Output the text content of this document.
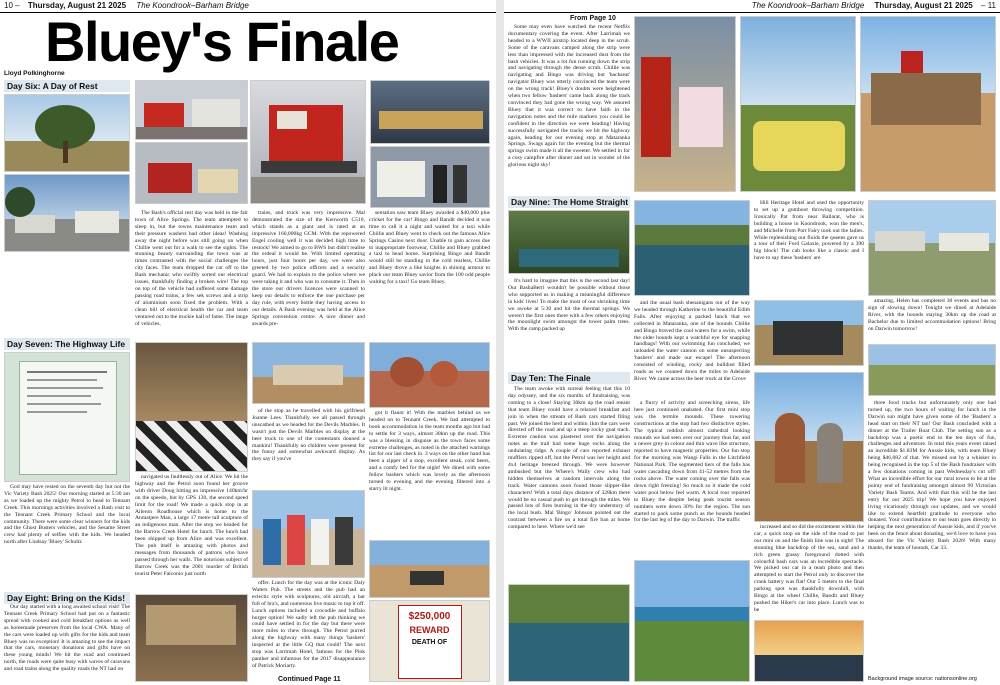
10 – Thursday, August 21 2025 The Koondrook–Barham Bridge
Bluey's Finale
Lloyd Polkinghorne
Day Six: A Day of Rest

The Bash's official rest day was held in the fair town of Alice Springs. The team attempted to sleep in, but the towns maintenance team and their pressure washers had other ideas! Washing away the night before was still going on when Chillie went out for a walk to see the sights. The stunning beauty surrounding the town was at times contrasted with the social challenges the city faces. The team dropped the car off to the Bash mechanic who swiftly sorted our electrical issues, thankfully finding a broken wire! The top on top of the vehicle had suffered some damage passing road trains, a few sek screws and a strip of aluminium soon fixed the problem. With a clean bill of electrical health the car and team ventured out to the truckie hall of fame. The range of vehicles,

trains, and truck was very impressive. Mal demonstrated the size of the Kenworth C510, which stands as a giant and is rated at an impressive 160,000kg GCM. With the repowered Engel cooling well it was decided high time to restock! We aimed to go to BWS but didn't realise the ordeal it would be. With limited operating hours, just four hours per day, we were also greeted by two police officers and a security guard. We had to explain to the police where we were taking it and who was to consume it. Then in the store our drivers licences were scanned to keep our details to enforce the one purchase per day rule, with every bottle they having access to our details. A Bash evening was held at the Alice Springs convention centre. A nice dinner and awards pre-

sentation saw team Bluey awarded a $40,000 plus cricket for the car! Bingo and Bandit decided it was time to call it a night and waited for a taxi while Chillie and Bluey went to check out the famous Alice Springs Casino next door. Unable to gain access due to inappropriate footwear, Chillie and Bluey grabbed a taxi to head home. Surprising Bingo and Bandit would still be standing in the cold tearless, Chillie and Bluey drove a like knights in shining armour to pluck our team Bluey savior from the 100 odd people waiting for a taxi! Go team Bluey.

Day Seven: The Highway Life

of the stop as he travelled with his girlfriend Joanne Lees. Thankfully we all passed through unscathed as we headed for the Devils Marbles. It wasn't just the Devils Marbles on display at the beer truck to one of the contestants donned a mankini! Thankfully no children were present for the funny and somewhat awkward display. As they say if you've

got it flaunt it! With the marbles behind us we headed on to Tennant Creek. We had attempted to book accommodation in the team months ago but had to settle for 3 ways, almost 30km up the road. This was a blessing in disguise as the town faces some extreme challenges, as noted in the attached warnings list for our last check in. 3 ways on the other hand has been a zipper of a stop, excellent steak, cold beers, and a comfy bed for the night! We dined with some fellow bashers which was lovely as the afternoon turned to evening and the evening filtered into a starry lit night.

God may have rested on the seventh day but not the Vic Variety Bash 2025! Our morning started at 5:30 am as we loaded up the mighty Petrol to head to Tennant Creek. This mornings activities involved a Bash visit to the Tennant Creek Primary School and the local community. There were some clear winners for the kids and the Ghost Busters vehicles, and the Sesame Street crew had plenty of selfies with the kids. We headed north after Lindsay 'Bluey' Schultz

navigated us faultlessly out of Alice. We hit the highway and the Petrol soon found her groove with driver Doug hitting an impressive 140km/hr on the speedo, but by GPS 130, the second speed limit for the road! We made a quick stop in at Aileron Roadhouse which is home to the Anmatjere Man, a large 17 metre tall sculpture of an indigenous man. After the stop we headed for the Barrow Creek Hotel for lunch. The lunch had been shipped up from Alice and was excellent. The pub itself is amazing with photos and messages from thousands of patrons who have passed through her walls. The notorious subject of Barrow Creek was the 2001 murder of British tourist Peter Falconio just north

Day Eight: Bring on the Kids!

Our day started with a long awaited school visit! The Tennant Creek Primary School had put on a fantastic spread with cooked and cold breakfast options as well as homemade preserves from the local CWA. Many of the cars were loaded up with gifts for the kids and team Bluey was no exception! It is amazing to see the impact that the cars, monetary donations and gifts have on these young minds! We hit the road and continued north, the roads were quite busy with waves of caravans and road trains along the quality roads the NT had on

offer. Lunch for the day was at the iconic Daly Waters Pub. The streets and the pub had an eclectic style with sculptures, old aircraft, a bar full of bra's, and numerous live music to top it off. Lunch options included a crocodile and buffalo burger option! We sadly left the pub thinking we could have settled in for the day but there were more miles to chew through. The Petrol purred along the highway with many things 'bashers' inspected at the little GQ that could! The next stop was Larrimah Hotel, famous for the Pink panther and infamous for the 2017 disappearance of Patrick Moriarty.

Continued Page 11
$250,000
REWARD
DEATH OF
The Koondrook–Barham Bridge Thursday, August 21 2025 – 11
From Page 10

Some may even have watched the recent Netflix documentary covering the event. After Larrimah we headed to a WWII airstrip located deep in the scrub. Some of the caravans camped along the strip were less than impressed with the increased dust from the bash vehicles. It was a lot fun running down the strip and navigating through the dense scrub. Chillie was navigating and Bingo was driving but 'backseat' navigator Bluey was utterly convinced the team were on the wrong track! Bluey's doubts were heightened when two fellow 'bashers' came back along the track convinced they had gone the wrong way. We assured Bluey that it was correct to have faith in the navigation notes and the mile markers you could be confident in the direction we were heading! Having successfully navigated the tracks we hit the highway again, heading for our evening stop at Mataranka Springs. Swags again for the evening but the thermal springs swim made it all the sweeter. We settled in for a cosy campfire after dinner and sat in wonder of the glorious night sky!

Day Nine: The Home Straight	Hill Heritage Hotel and used the opportunity to set up a gumboot throwing competition. Ironically Pat from near Ballarat, who is building a house in Koondrook, won the men's, and Michelle from Port Fairy took out the ladies. While replenishing our fluids the queens gave us a tour of their Ford Galaxie, powered by a 390 big block! The cab looks like a classic and I have to say these 'bashers' are

It's hard to imagine that this is the second last day! Our BashaBerri wouldn't be possible without those who supported us in making a meaningful difference in kids' lives! To make the most of our shrinking time we awoke at 5:30 and hit the thermal springs. We weren't the first ones there with a few others enjoying the moonlight swim amongst the tower palm trees. With the camp packed up

and the usual bash shenanigans out of the way we headed through Katherine to the beautiful Edith Falls. After enjoying a packed lunch that we collected in Mataranka, one of the hounds Chillie and Bingo braved the cool waters for a swim, while the older hounds kept a watchful eye for snapping handbags! With our swimming fun concluded, we unloaded the water cannon on some unsuspecting 'bashers' and made our escape! The afternoon consisted of winding, rocky and bulldust filled roads as we counted down the miles to Adelaide River. We came across the beer truck at the Grove

amazing, Helen has completed 30 events and has no sign of slowing down! Tonight we dined at Adelaide River, with the hounds staying 30km up the road at Bachelor due to limited accommodation options! Bring on Darwin tomorrow!

Day Ten: The Finale

The team awoke with surreal feeling that this 10 day odyssey, and the six months of fundraising, was coming to a close! Staying 30km up the road meant that team Bluey could have a relaxed breakfast and join in when the stream of Bash cars started filing past. We joined the herd and within 1km the cars were directed off the road and up a steep rocky goat track. Extreme caution was plastered over the navigation notes as the trail had some huge rocks along the undulating ridge. A couple of cars reported exhaust mufflers ripped off, but the Petrol was her height and 4x4 heritage breezed through. We were however ambushed but the Where's Wally crew who had hidden themselves at random intervals along the track. Water cannons soon found those slipper-like characters! With a total days distance of 328km there would be no casual push to get through the miles. We passed lots of fires burning in the dry understory of the local bush. Mal 'Bingo' Johnson pointed out the contrast between a fire on a total fire ban at home compared to here. Where we'd see

a flurry of activity and screeching sirens, life here just continued unabated. Our first mini stop was the termite mounds. These towering constructions at the stop had two distinctive styles. The typical reddish almost cathedral looking mounds we had seen over our journey thus far, and a newer grey in colour and thin wave like structure, reported to have magnetic properties. Our fun stop for the morning was Wangi Falls in the Litchfield National Park. The segmented tiers of the falls has water cascading down from 41-52 metres from the rocks above. The water coming over the falls was down right freezing! So much so it made the cold water pool below feel warm. A local tour reported to Bluey the despite being peak tourist season numbers were down 30% for the region. The sun started to pack some punch as the hounds headed for the last leg of the day to Darwin. The traffic

increased and so did the excitement within the car, a quick stop on the side of the road to put our mini on and the finish line was in sight! The stunning blue backdrop of the sea, sand and a rich green grassy foreground dotted with colourful bash cars was an incredible spectacle. We picked our car in a team photo and then attempted to start the Petrol only to discover the crank battery was flat! Our 5 meters to the final parking spot was thankfully downhill, with Bingo at the wheel Chillie, Bandit and Bluey pushed the Hiker's car into place. Lunch was to be

three food trucks but unfortunately only one had turned up, the two hours of waiting for lunch in the Darwin sun might have given some of the 'Bashers' a head start on their NT tan! Our Bash concluded with a dinner at the Trailer Boat Club. The setting sun as a backdrop was a poetic end to the ten days of fun, challenges and adventure. In total this years event raised an incredible $1.83M for Aussie kids, with team Bluey being $46,082 of that. We missed out by a whisker in being recognised in the top 5 of the Bash fundraiser with a few donations coming in past Wednesday's cut off! What an incredible effort for our rural towns to be at the pointy end of fundraising amongst almost 90 Victorian Variety Bash Teams. And with that this will be the last entry for our 2025 trip! We hope you have enjoyed living vicariously through our updates, and we would like to extend heartfelt gratitude to everyone who donated. Your contributions to our team goes directly in helping the next generation of Aussie kids, and if you've been on the fence about donating, we'd love to have you aboard for the Vic Variety Bash 2026! With many thanks, the team of hounds, Car 33.

Background image source: nationsonline.org
